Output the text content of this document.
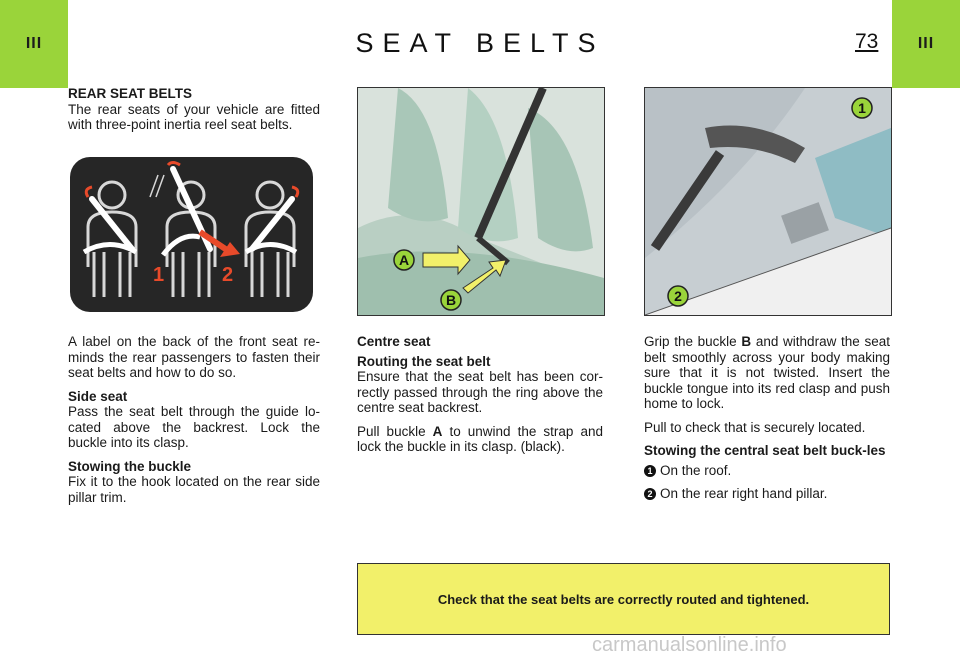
III	III
SEAT BELTS	73
REAR SEAT BELTS

The rear seats of your vehicle are fitted with three-point inertia reel seat belts.

1	2

A label on the back of the front seat re-minds the rear passengers to fasten their seat belts and how to do so.

Side seat

Pass the seat belt through the guide lo-cated above the backrest. Lock the buckle into its clasp.

Stowing the buckle

Fix it to the hook located on the rear side pillar trim.

A
B
Centre seat
Routing the seat belt

Ensure that the seat belt has been cor-rectly passed through the ring above the centre seat backrest.

Pull buckle A to unwind the strap and lock the buckle in its clasp. (black).

1
2

Grip the buckle B and withdraw the seat belt smoothly across your body making sure that it is not twisted. Insert the buckle tongue into its red clasp and push home to lock.

Pull to check that is securely located.

Stowing the central seat belt buck-les

1 On the roof.

2 On the rear right hand pillar.

Check that the seat belts are correctly routed and tightened.
carmanualsonline.info
